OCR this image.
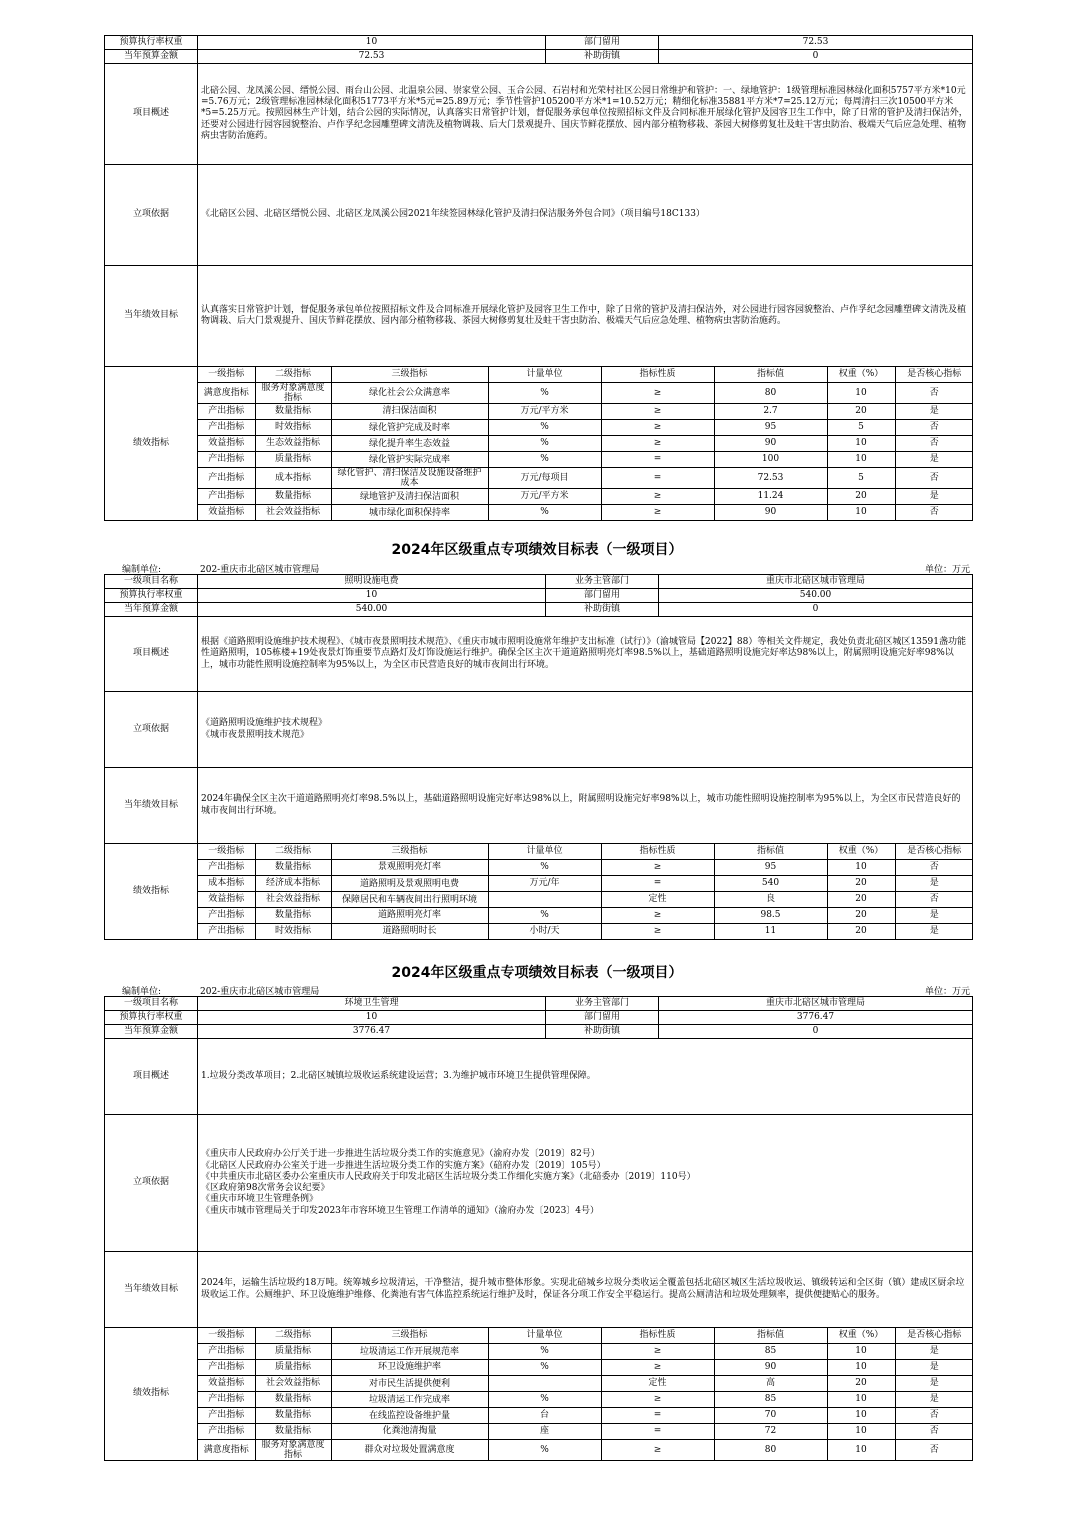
预算执行率权重	10	部门留用	72.53
当年预算金额	72.53	补助街镇	0
项目概述	
北碚公园、龙凤溪公园、缙悦公园、雨台山公园、北温泉公园、崇家堂公园、玉合公园、石岩村和光荣村社区公园日常维护和管护：一、绿地管护：1级管理标准园林绿化面积5757平方米*10元=5.76万元；2级管理标准园林绿化面积51773平方米*5元=25.89万元；季节性管护105200平方米*1=10.52万元；精细化标准35881平方米*7=25.12万元；每周清扫三次10500平方米*5=5.25万元。按照园林生产计划，结合公园的实际情况，认真落实日常管护计划，督促服务承包单位按照招标文件及合同标准开展绿化管护及园容卫生工作中，除了日常的管护及清扫保洁外，还要对公园进行园容园貌整治、卢作孚纪念园雕塑碑文清洗及植物调栽、后大门景观提升、国庆节鲜花摆放、园内部分植物移栽、茶园大树修剪复壮及蛀干害虫防治、极端天气后应急处理、植物病虫害防治施药。

立项依据	《北碚区公园、北碚区缙悦公园、北碚区龙凤溪公园2021年续签园林绿化管护及清扫保洁服务外包合同》（项目编号18C133）

当年绩效目标	
认真落实日常管护计划，督促服务承包单位按照招标文件及合同标准开展绿化管护及园容卫生工作中，除了日常的管护及清扫保洁外，对公园进行园容园貌整治、卢作孚纪念园雕塑碑文清洗及植物调栽、后大门景观提升、国庆节鲜花摆放、园内部分植物移栽、茶园大树修剪复壮及蛀干害虫防治、极端天气后应急处理、植物病虫害防治施药。

绩效指标	
一级指标	二级指标	三级指标	计量单位	指标性质	指标值	权重（%）	是否核心指标
满意度指标	服务对象满意度指标	绿化社会公众满意率	%	≥	80	10	否
产出指标	数量指标	清扫保洁面积	万元/平方米	≥	2.7	20	是
产出指标	时效指标	绿化管护完成及时率	%	≥	95	5	否
效益指标	生态效益指标	绿化提升率生态效益	%	≥	90	10	否
产出指标	质量指标	绿化管护实际完成率	%	=	100	10	是
产出指标	成本指标	绿化管护、清扫保洁及设施设备维护成本	万元/每项目	=	72.53	5	否
产出指标	数量指标	绿地管护及清扫保洁面积	万元/平方米	≥	11.24	20	是
效益指标	社会效益指标	城市绿化面积保持率	%	≥	90	10	否
2024年区级重点专项绩效目标表（一级项目）
编制单位:	202-重庆市北碚区城市管理局	单位：万元
一级项目名称	照明设施电费	业务主管部门	重庆市北碚区城市管理局
预算执行率权重	10	部门留用	540.00
当年预算金额	540.00	补助街镇	0
项目概述	
根据《道路照明设施维护技术规程》、《城市夜景照明技术规范》、《重庆市城市照明设施常年维护支出标准（试行）》（渝城管局【2022】88）等相关文件规定，我处负责北碚区城区13591盏功能性道路照明，105栋楼+19处夜景灯饰重要节点路灯及灯饰设施运行维护。确保全区主次干道道路照明亮灯率98.5%以上，基础道路照明设施完好率达98%以上，附属照明设施完好率98%以上，城市功能性照明设施控制率为95%以上，为全区市民营造良好的城市夜间出行环境。

立项依据	
《道路照明设施维护技术规程》
《城市夜景照明技术规范》

当年绩效目标	
2024年确保全区主次干道道路照明亮灯率98.5%以上，基础道路照明设施完好率达98%以上，附属照明设施完好率98%以上，城市功能性照明设施控制率为95%以上，为全区市民营造良好的城市夜间出行环境。

绩效指标	
一级指标	二级指标	三级指标	计量单位	指标性质	指标值	权重（%）	是否核心指标
产出指标	数量指标	景观照明亮灯率	%	≥	95	10	否
成本指标	经济成本指标	道路照明及景观照明电费	万元/年	=	540	20	是
效益指标	社会效益指标	保障居民和车辆夜间出行照明环境		定性	良	20	否
产出指标	数量指标	道路照明亮灯率	%	≥	98.5	20	是
产出指标	时效指标	道路照明时长	小时/天	≥	11	20	是
2024年区级重点专项绩效目标表（一级项目）
编制单位:	202-重庆市北碚区城市管理局	单位：万元
一级项目名称	环境卫生管理	业务主管部门	重庆市北碚区城市管理局
预算执行率权重	10	部门留用	3776.47
当年预算金额	3776.47	补助街镇	0
项目概述	1.垃圾分类改革项目；2.北碚区城镇垃圾收运系统建设运营；3.为维护城市环境卫生提供管理保障。

立项依据	
《重庆市人民政府办公厅关于进一步推进生活垃圾分类工作的实施意见》（渝府办发〔2019〕82号）
《北碚区人民政府办公室关于进一步推进生活垃圾分类工作的实施方案》（碚府办发〔2019〕105号）
《中共重庆市北碚区委办公室重庆市人民政府关于印发北碚区生活垃圾分类工作细化实施方案》（北碚委办〔2019〕110号）
《区政府第98次常务会议纪要》
《重庆市环境卫生管理条例》
《重庆市城市管理局关于印发2023年市容环境卫生管理工作清单的通知》（渝府办发〔2023〕4号）

当年绩效目标	
2024年，运输生活垃圾约18万吨。统筹城乡垃圾清运，干净整洁，提升城市整体形象。实现北碚城乡垃圾分类收运全覆盖包括北碚区城区生活垃圾收运、镇级转运和全区街（镇）建成区厨余垃圾收运工作。公厕维护、环卫设施维护维修、化粪池有害气体监控系统运行维护及时，保证各分项工作安全平稳运行。提高公厕清洁和垃圾处理频率，提供便捷贴心的服务。

绩效指标	
一级指标	二级指标	三级指标	计量单位	指标性质	指标值	权重（%）	是否核心指标
产出指标	质量指标	垃圾清运工作开展规范率	%	≥	85	10	是
产出指标	质量指标	环卫设施维护率	%	≥	90	10	是
效益指标	社会效益指标	对市民生活提供便利		定性	高	20	是
产出指标	数量指标	垃圾清运工作完成率	%	≥	85	10	是
产出指标	数量指标	在线监控设备维护量	台	=	70	10	否
产出指标	数量指标	化粪池清掏量	座	=	72	10	否
满意度指标	服务对象满意度指标	群众对垃圾处置满意度	%	≥	80	10	否
